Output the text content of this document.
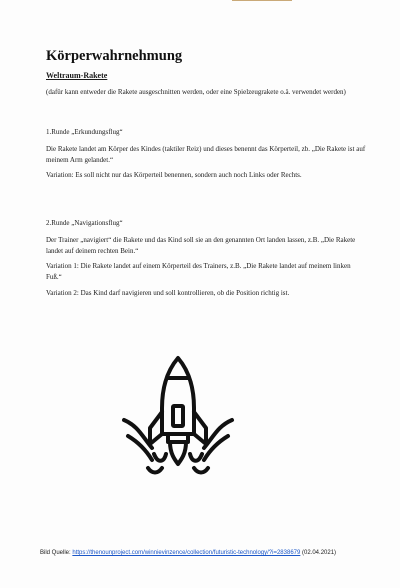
Körperwahrnehmung
Weltraum-Rakete
(dafür kann entweder die Rakete ausgeschnitten werden, oder eine Spielzeugrakete o.ä. verwendet werden)
1.Runde „Erkundungsflug“
Die Rakete landet am Körper des Kindes (taktiler Reiz) und dieses benennt das Körperteil, zb. „Die Rakete ist auf meinem Arm gelandet.“
Variation: Es soll nicht nur das Körperteil benennen, sondern auch noch Links oder Rechts.
2.Runde „Navigationsflug“
Der Trainer „navigiert“ die Rakete und das Kind soll sie an den genannten Ort landen lassen, z.B. „Die Rakete landet auf deinem rechten Bein.“
Variation 1: Die Rakete landet auf einem Körperteil des Trainers, z.B. „Die Rakete landet auf meinem linken Fuß.“
Variation 2: Das Kind darf navigieren und soll kontrollieren, ob die Position richtig ist.
Bild Quelle: https://thenounproject.com/winnievinzence/collection/futuristic-technology/?i=2838679 (02.04.2021)
